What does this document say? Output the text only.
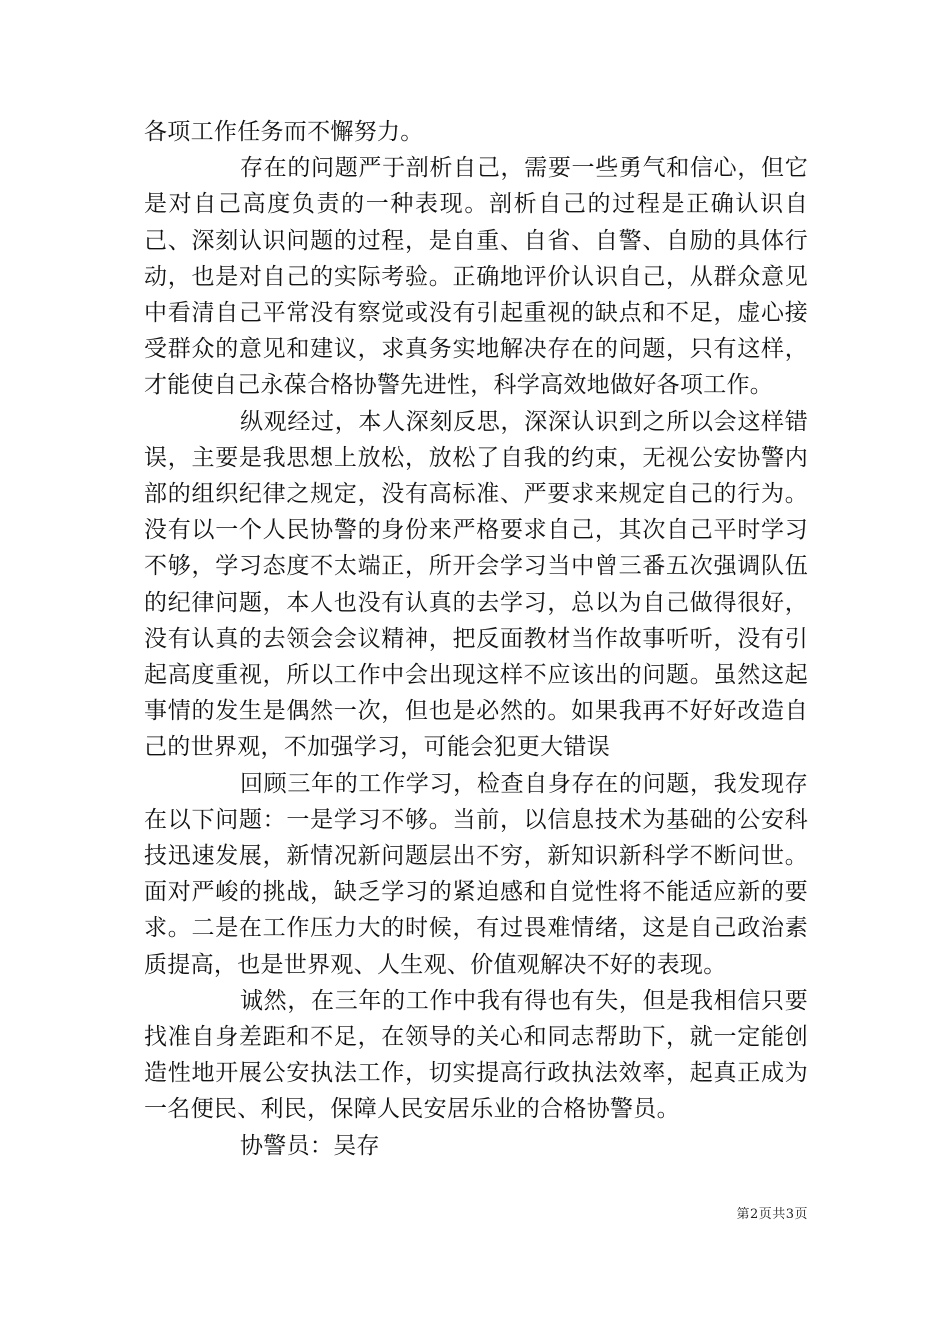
各项工作任务而不懈努力。

存在的问题严于剖析自己，需要一些勇气和信心，但它是对自己高度负责的一种表现。剖析自己的过程是正确认识自己、深刻认识问题的过程，是自重、自省、自警、自励的具体行动，也是对自己的实际考验。正确地评价认识自己，从群众意见中看清自己平常没有察觉或没有引起重视的缺点和不足，虚心接受群众的意见和建议，求真务实地解决存在的问题，只有这样，才能使自己永葆合格协警先进性，科学高效地做好各项工作。

纵观经过，本人深刻反思，深深认识到之所以会这样错误，主要是我思想上放松，放松了自我的约束，无视公安协警内部的组织纪律之规定，没有高标准、严要求来规定自己的行为。没有以一个人民协警的身份来严格要求自己，其次自己平时学习不够，学习态度不太端正，所开会学习当中曾三番五次强调队伍的纪律问题，本人也没有认真的去学习，总以为自己做得很好，没有认真的去领会会议精神，把反面教材当作故事听听，没有引起高度重视，所以工作中会出现这样不应该出的问题。虽然这起事情的发生是偶然一次，但也是必然的。如果我再不好好改造自己的世界观，不加强学习，可能会犯更大错误

回顾三年的工作学习，检查自身存在的问题，我发现存在以下问题：一是学习不够。当前，以信息技术为基础的公安科技迅速发展，新情况新问题层出不穷，新知识新科学不断问世。面对严峻的挑战，缺乏学习的紧迫感和自觉性将不能适应新的要求。二是在工作压力大的时候，有过畏难情绪，这是自己政治素质提高，也是世界观、人生观、价值观解决不好的表现。

诚然，在三年的工作中我有得也有失，但是我相信只要找准自身差距和不足，在领导的关心和同志帮助下，就一定能创造性地开展公安执法工作，切实提高行政执法效率，起真正成为一名便民、利民，保障人民安居乐业的合格协警员。

协警员：吴存

第2页共3页
